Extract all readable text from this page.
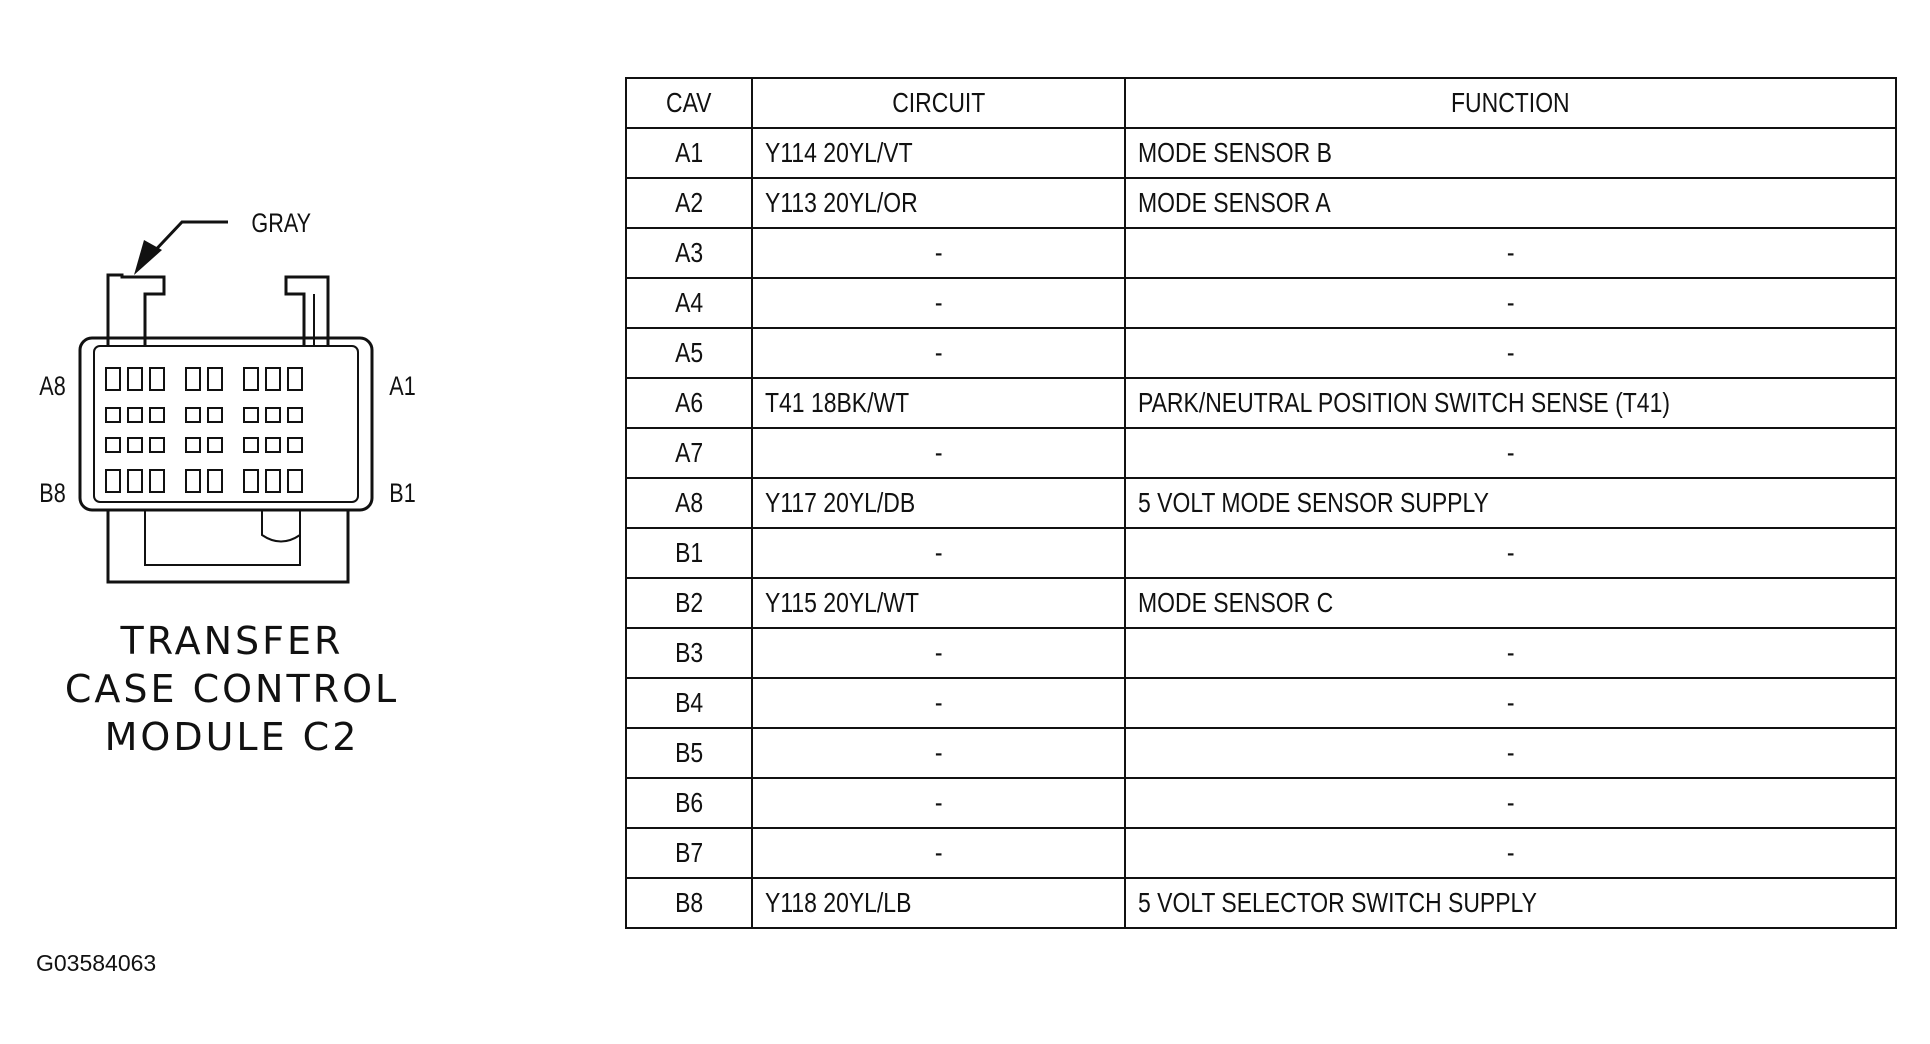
GRAY
A8	A1
B8	B1
TRANSFER
CASE CONTROL
MODULE C2
CAV	CIRCUIT	FUNCTION
A1	Y114 20YL/VT	MODE SENSOR B
A2	Y113 20YL/OR	MODE SENSOR A
A3	-	-
A4	-	-
A5	-	-
A6	T41 18BK/WT	PARK/NEUTRAL POSITION SWITCH SENSE (T41)
A7	-	-
A8	Y117 20YL/DB	5 VOLT MODE SENSOR SUPPLY
B1	-	-
B2	Y115 20YL/WT	MODE SENSOR C
B3	-	-
B4	-	-
B5	-	-
B6	-	-
B7	-	-
B8	Y118 20YL/LB	5 VOLT SELECTOR SWITCH SUPPLY
G03584063
